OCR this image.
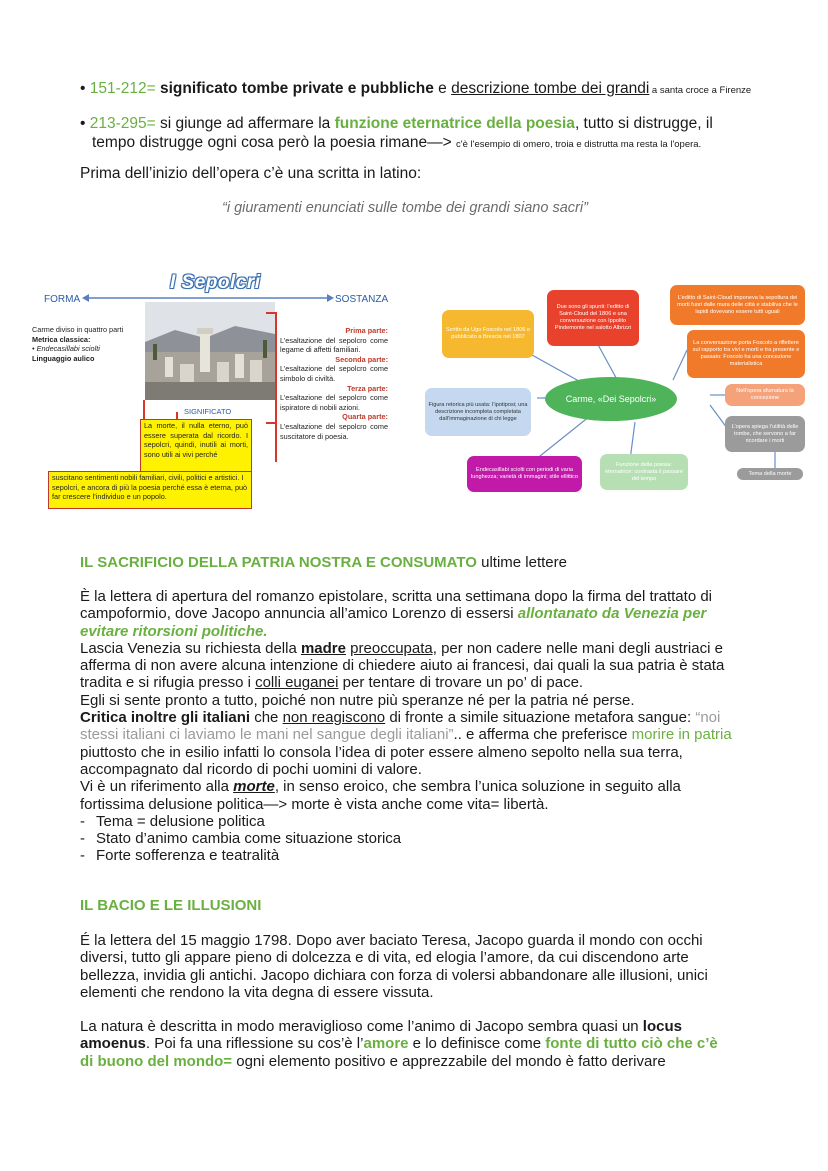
• 151-212= significato tombe private e pubbliche e descrizione tombe dei grandi a santa croce a Firenze
• 213-295= si giunge ad affermare la funzione eternatrice della poesia, tutto si distrugge, il
tempo distrugge ogni cosa però la poesia rimane—> c'è l'esempio di omero, troia e distrutta ma resta la l'opera.
Prima dell’inizio dell’opera c’è una scritta in latino:
“i giuramenti enunciati sulle tombe dei grandi siano sacri”
I Sepolcri
FORMA	SOSTANZA
Carme diviso in quattro parti
Metrica classica:
• Endecasillabi sciolti
Linguaggio aulico
SIGNIFICATO
Prima parte:
L’esaltazione del sepolcro come legame di affetti familiari.
Seconda parte:
L’esaltazione del sepolcro come simbolo di civiltà.
Terza parte:
L’esaltazione del sepolcro come ispiratore di nobili azioni.
Quarta parte:
L’esaltazione del sepolcro come suscitatore di poesia.
La morte, il nulla eterno, può essere superata dal ricordo. I sepolcri, quindi, inutili ai morti, sono utili ai vivi perché
suscitano sentimenti nobili familiari, civili, politici e artistici. I sepolcri, e ancora di più la poesia perché essa è eterna, può far crescere l’individuo e un popolo.
Scritto da Ugo Foscolo nel 1806 e pubblicato a Brescia nel 1807
Due sono gli spunti: l’editto di Saint-Cloud del 1806 e una conversazione con Ippolito Pindemonte nel salotto Albrizzi
L’editto di Saint-Cloud imponeva la sepoltura dei morti fuori dalle mura delle città e stabiliva che le lapidi dovevano essere tutti uguali
La conversazione porta Foscolo a riflettere sul rapporto tra vivi e morti e tra presente e passato: Foscolo ha una concezione materialistica
Nell’opera sfumatura la concezione
Carme, «Dei Sepolcri»
Figura retorica più usata: l’ipotiposi; una descrizione incompleta completata dall’immaginazione di chi legge
Endecasillabi sciolti con periodi di varia lunghezza; varietà di immagini; stile ellittico
Funzione della poesia: eternatrice: contrasta il passare del tempo
L’opera spiega l’utilità delle tombe, che servono a far ricordare i morti
Tema della morte
IL SACRIFICIO DELLA PATRIA NOSTRA E CONSUMATO ultime lettere
È la lettera di apertura del romanzo epistolare, scritta una settimana dopo la firma del trattato di
campoformio, dove Jacopo annuncia all’amico Lorenzo di essersi allontanato da Venezia per
evitare ritorsioni politiche.
Lascia Venezia su richiesta della madre preoccupata, per non cadere nelle mani degli austriaci e
afferma di non avere alcuna intenzione di chiedere aiuto ai francesi, dai quali la sua patria è stata
tradita e si rifugia presso i colli euganei per tentare di trovare un po’ di pace.
Egli si sente pronto a tutto, poiché non nutre più speranze né per la patria né perse.
Critica inoltre gli italiani che non reagiscono di fronte a simile situazione metafora sangue: “noi
stessi italiani ci laviamo le mani nel sangue degli italiani”.. e afferma che preferisce morire in patria
piuttosto che in esilio infatti lo consola l’idea di poter essere almeno sepolto nella sua terra,
accompagnato dal ricordo di pochi uomini di valore.
Vi è un riferimento alla morte, in senso eroico, che sembra l’unica soluzione in seguito alla
fortissima delusione politica—> morte è vista anche come vita= libertà.
- Tema = delusione politica
- Stato d’animo cambia come situazione storica
- Forte sofferenza e teatralità
IL BACIO E LE ILLUSIONI
É la lettera del 15 maggio 1798. Dopo aver baciato Teresa, Jacopo guarda il mondo con occhi
diversi, tutto gli appare pieno di dolcezza e di vita, ed elogia l’amore, da cui discendono arte
bellezza, invidia gli antichi. Jacopo dichiara con forza di volersi abbandonare alle illusioni, unici
elementi che rendono la vita degna di essere vissuta.
La natura è descritta in modo meraviglioso come l’animo di Jacopo sembra quasi un locus
amoenus. Poi fa una riflessione su cos’è l’amore e lo definisce come fonte di tutto ciò che c’è
di buono del mondo= ogni elemento positivo e apprezzabile del mondo è fatto derivare
